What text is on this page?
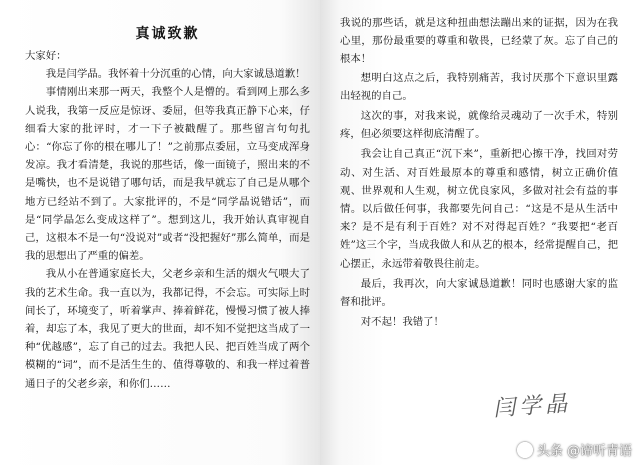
真诚致歉

大家好：

我是闫学晶。我怀着十分沉重的心情，向大家诚恳道歉！

事情刚出来那一两天，我整个人是懵的。看到网上那么多人说我，我第一反应是惊讶、委屈，但等我真正静下心来，仔细看大家的批评时，才一下子被戳醒了。那些留言句句扎心：“你忘了你的根在哪儿了！”之前那点委屈，立马变成浑身发凉。我才看清楚，我说的那些话，像一面镜子，照出来的不是嘴快，也不是说错了哪句话，而是我早就忘了自己是从哪个地方已经站不到了。大家批评的，不是“同学晶说错话”，而是“同学晶怎么变成这样了”。想到这儿，我开始认真审视自己，这根本不是一句“没说对”或者“没把握好”那么简单，而是我的思想出了严重的偏差。

我从小在普通家庭长大，父老乡亲和生活的烟火气喂大了我的艺术生命。我一直以为，我都记得，不会忘。可实际上时间长了，环境变了，听着掌声、捧着鲜花，慢慢习惯了被人捧着，却忘了本，我见了更大的世面，却不知不觉把这当成了一种“优越感”，忘了自己的过去。我把人民、把百姓当成了两个模糊的“词”，而不是活生生的、值得尊敬的、和我一样过着普通日子的父老乡亲，和你们……

我说的那些话，就是这种扭曲想法蹦出来的证据，因为在我心里，那份最重要的尊重和敬畏，已经蒙了灰。忘了自己的根本！

想明白这点之后，我特别痛苦，我讨厌那个下意识里露出轻视的自己。

这次的事，对我来说，就像给灵魂动了一次手术，特别疼，但必须要这样彻底清醒了。

我会让自己真正“沉下来”，重新把心擦干净，找回对劳动、对生活、对百姓最原本的尊重和感情，树立正确价值观、世界观和人生观，树立优良家风，多做对社会有益的事情。以后做任何事，我都要先问自己：“这是不是从生活中来？是不是有利于百姓？对不对得起百姓？”我要把“老百姓”这三个字，当成我做人和从艺的根本，经常提醒自己，把心摆正，永远带着敬畏往前走。

最后，我再次，向大家诚恳道歉！同时也感谢大家的监督和批评。

对不起！我错了！

闫学晶
头条 @谛听青语
